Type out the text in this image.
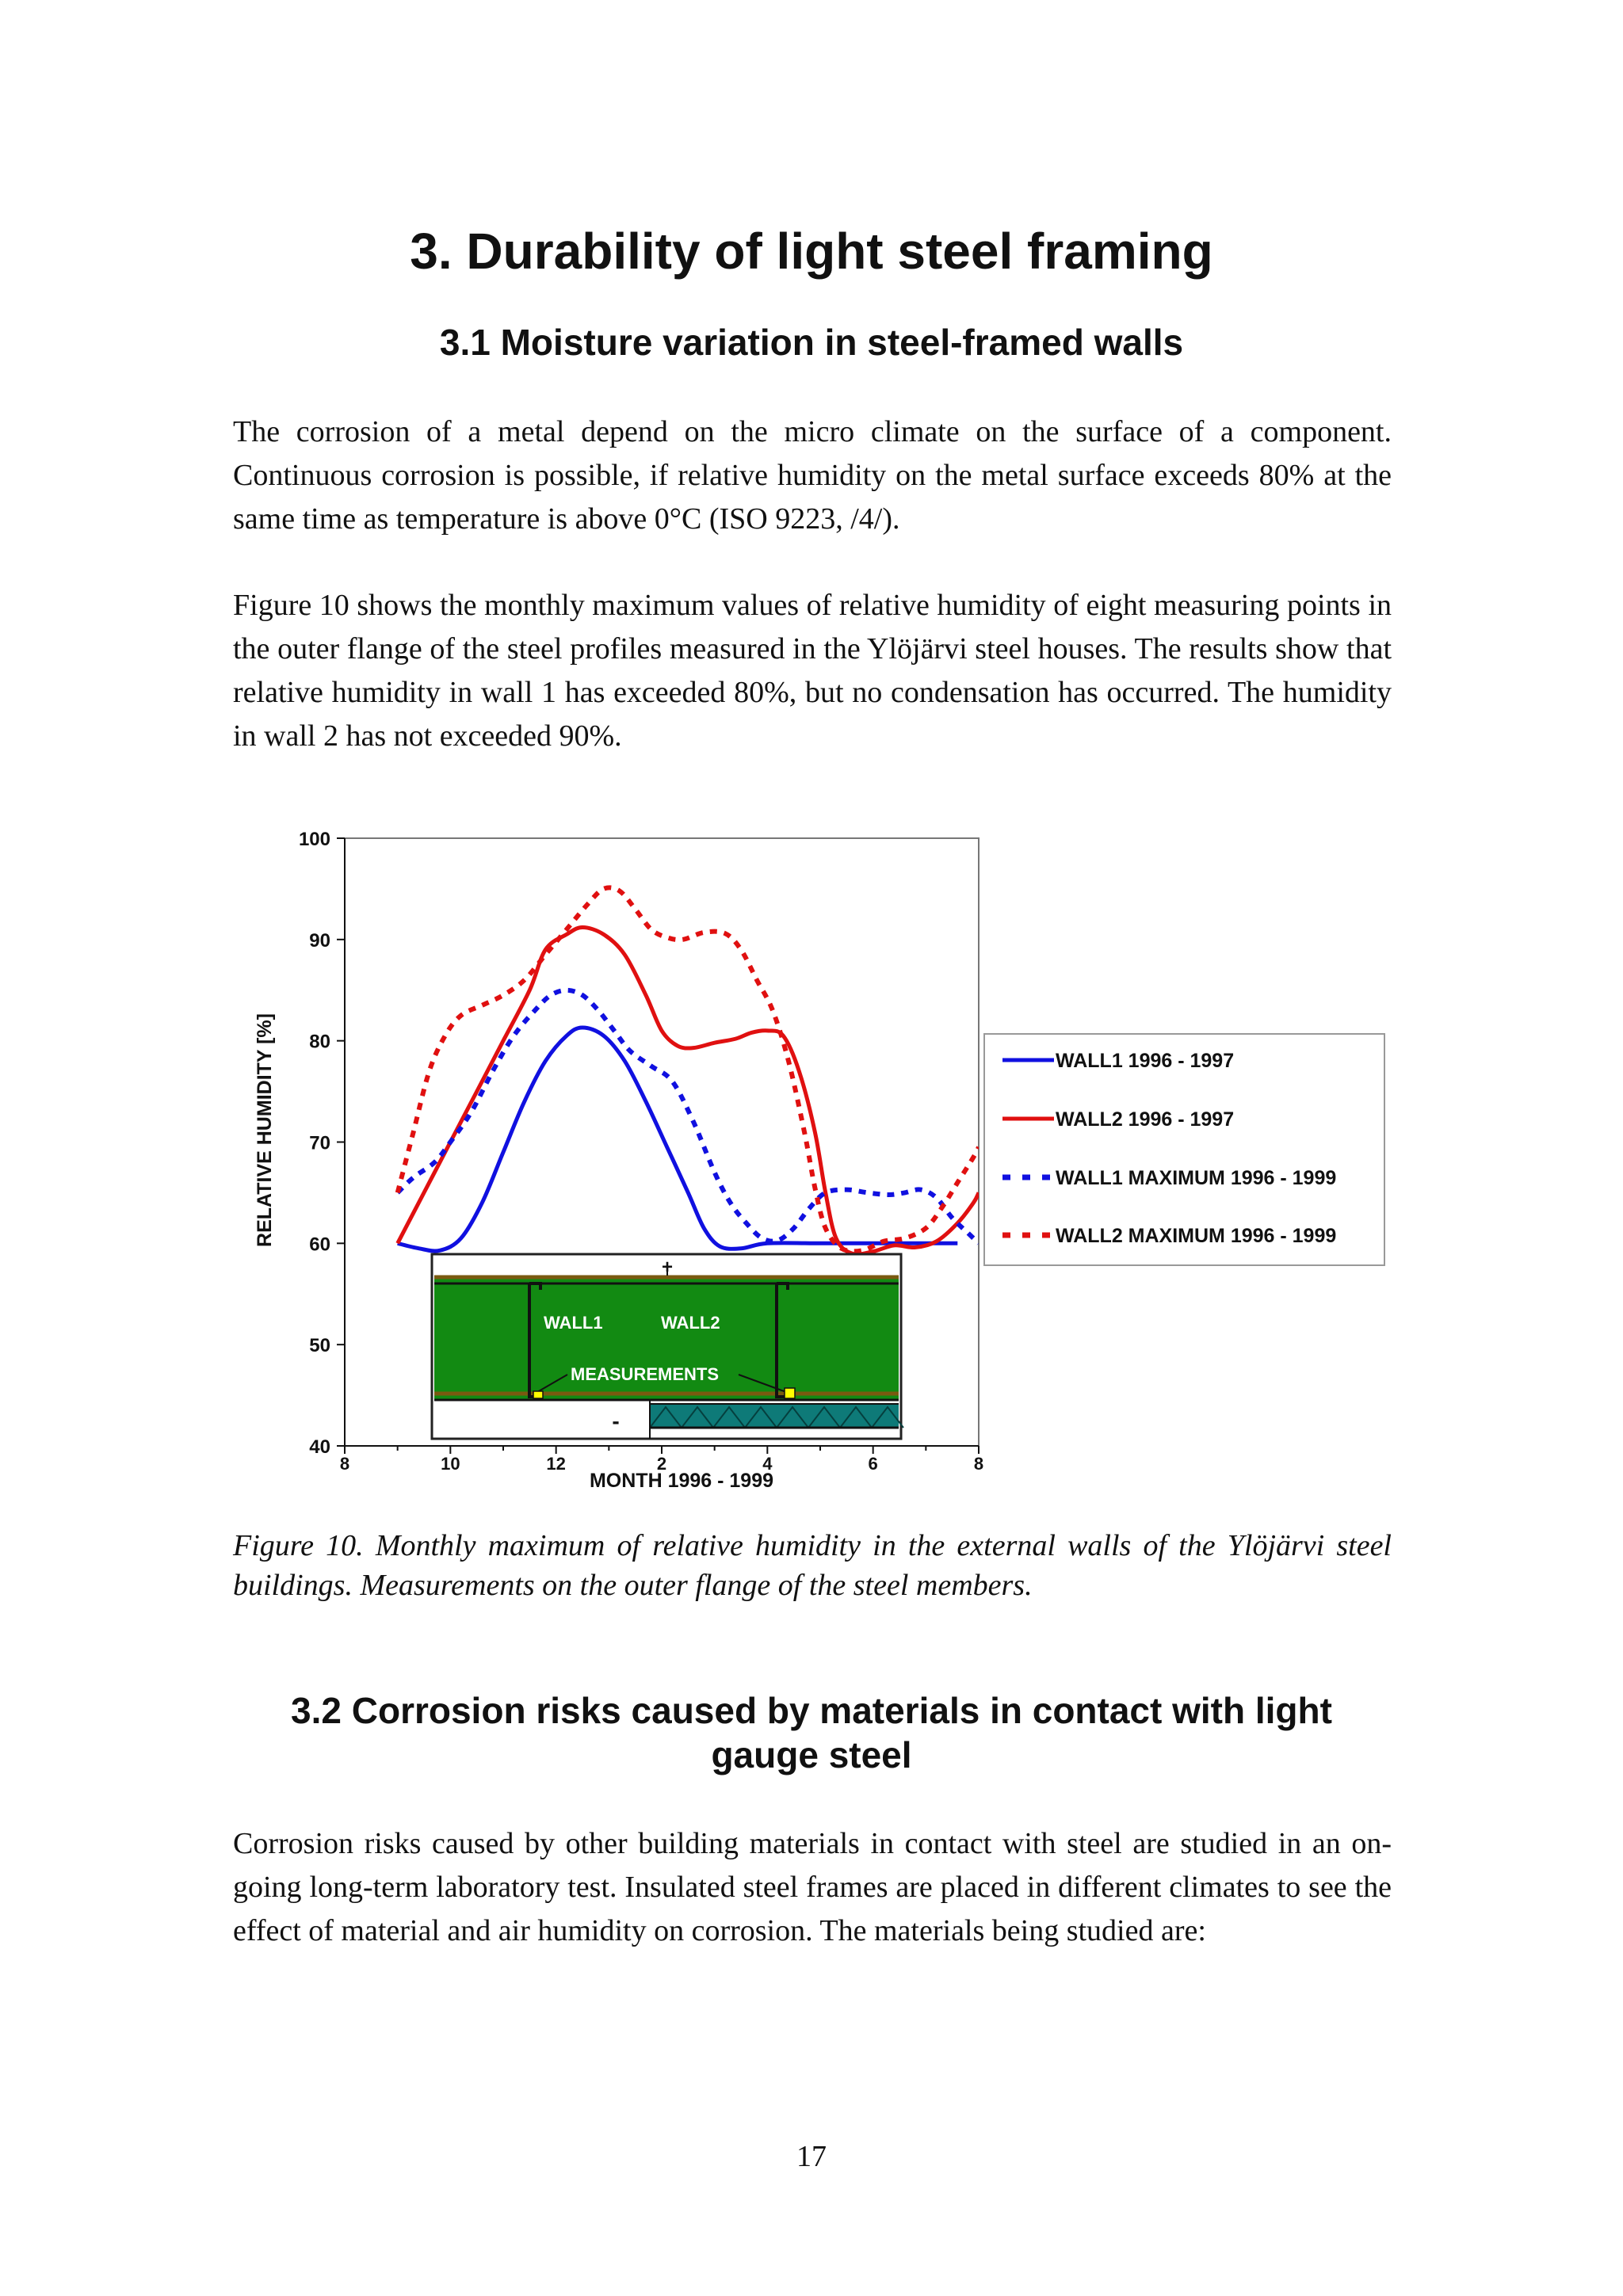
3. Durability of light steel framing
3.1 Moisture variation in steel-framed walls

The corrosion of a metal depend on the micro climate on the surface of a component. Continuous corrosion is possible, if relative humidity on the metal surface exceeds 80% at the same time as temperature is above 0°C (ISO 9223, /4/).

Figure 10 shows the monthly maximum values of relative humidity of eight measuring points in the outer flange of the steel profiles measured in the Ylöjärvi steel houses. The results show that relative humidity in wall 1 has exceeded 80%, but no condensation has occurred. The humidity in wall 2 has not exceeded 90%.

40
50
60
70
80
90
100
8	10	12	2	4	6	8
MONTH 1996 - 1999
RELATIVE HUMIDITY [%]
+
-
WALL1	WALL2
MEASUREMENTS
WALL1 1996 - 1997
WALL2 1996 - 1997
WALL1 MAXIMUM 1996 - 1999
WALL2 MAXIMUM 1996 - 1999

Figure 10. Monthly maximum of relative humidity in the external walls of the Ylöjärvi steel buildings. Measurements on the outer flange of the steel members.

3.2 Corrosion risks caused by materials in contact with light
gauge steel

Corrosion risks caused by other building materials in contact with steel are studied in an on-going long-term laboratory test. Insulated steel frames are placed in different climates to see the effect of material and air humidity on corrosion. The materials being studied are:

17
